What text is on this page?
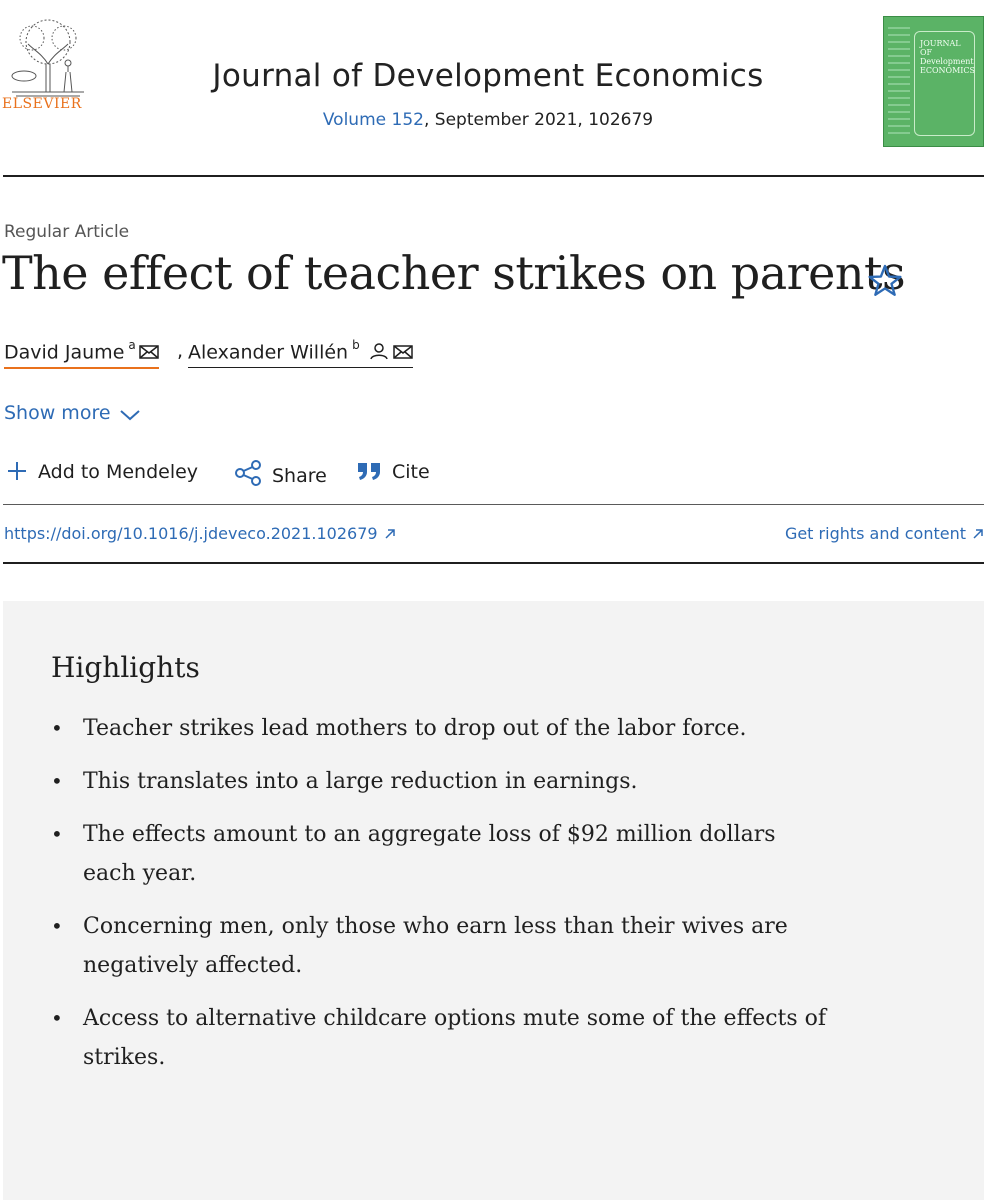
ELSEVIER
Journal of Development Economics
Volume 152, September 2021, 102679
JOURNAL OF Development ECONOMICS
Regular Article
The effect of teacher strikes on parents
David Jaume $^a$	, Alexander Willén $^b$
Show more
Add to Mendeley	Share	Cite
https://doi.org/10.1016/j.jdeveco.2021.102679	Get rights and content
Highlights
• Teacher strikes lead mothers to drop out of the labor force.
• This translates into a large reduction in earnings.
• The effects amount to an aggregate loss of $92 million dollars each year.
• Concerning men, only those who earn less than their wives are negatively affected.
• Access to alternative childcare options mute some of the effects of strikes.
